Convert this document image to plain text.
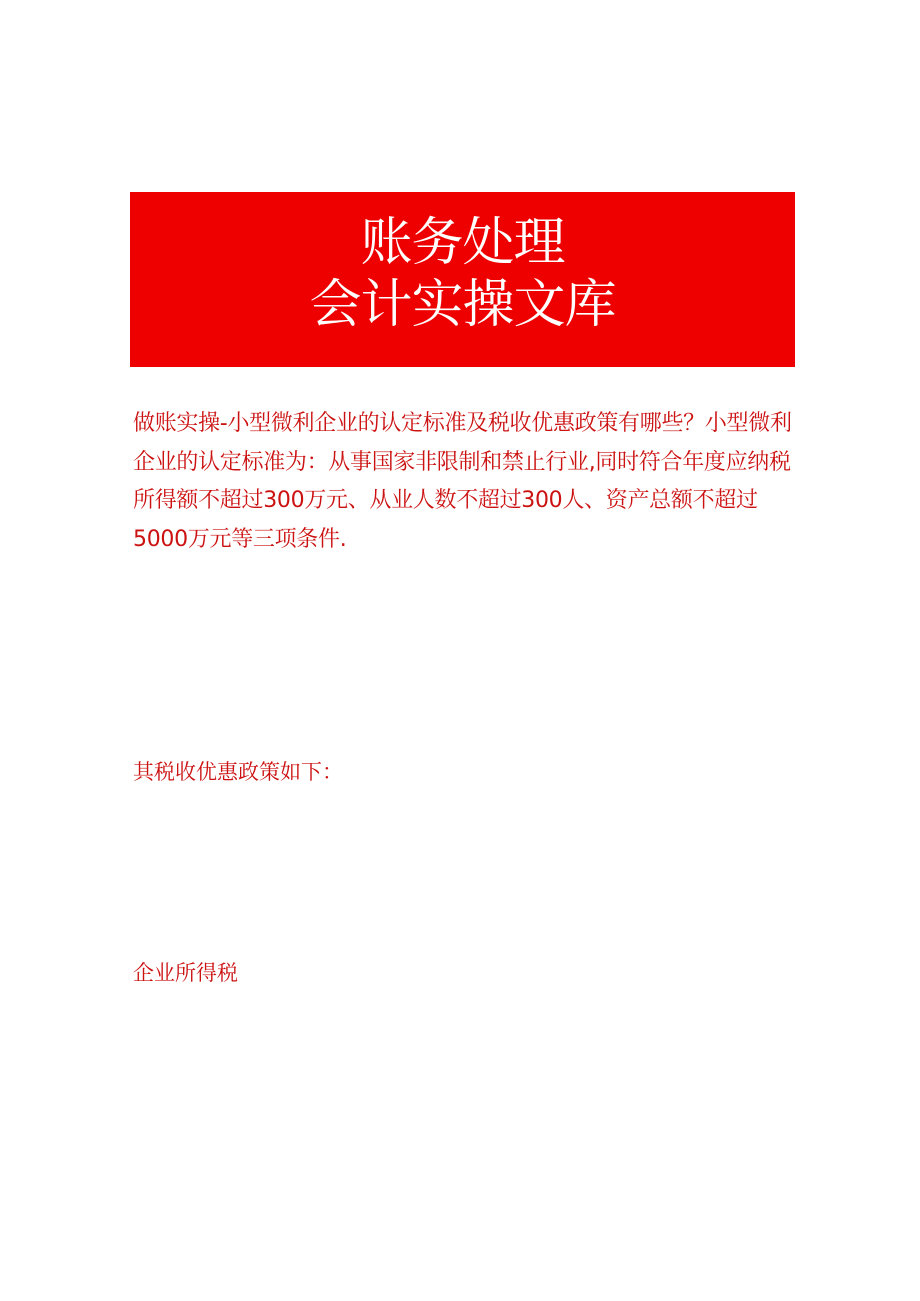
账务处理
会计实操文库

做账实操-小型微利企业的认定标准及税收优惠政策有哪些？小型微利企业的认定标准为：从事国家非限制和禁止行业,同时符合年度应纳税所得额不超过300万元、从业人数不超过300人、资产总额不超过5000万元等三项条件.

其税收优惠政策如下：

企业所得税
